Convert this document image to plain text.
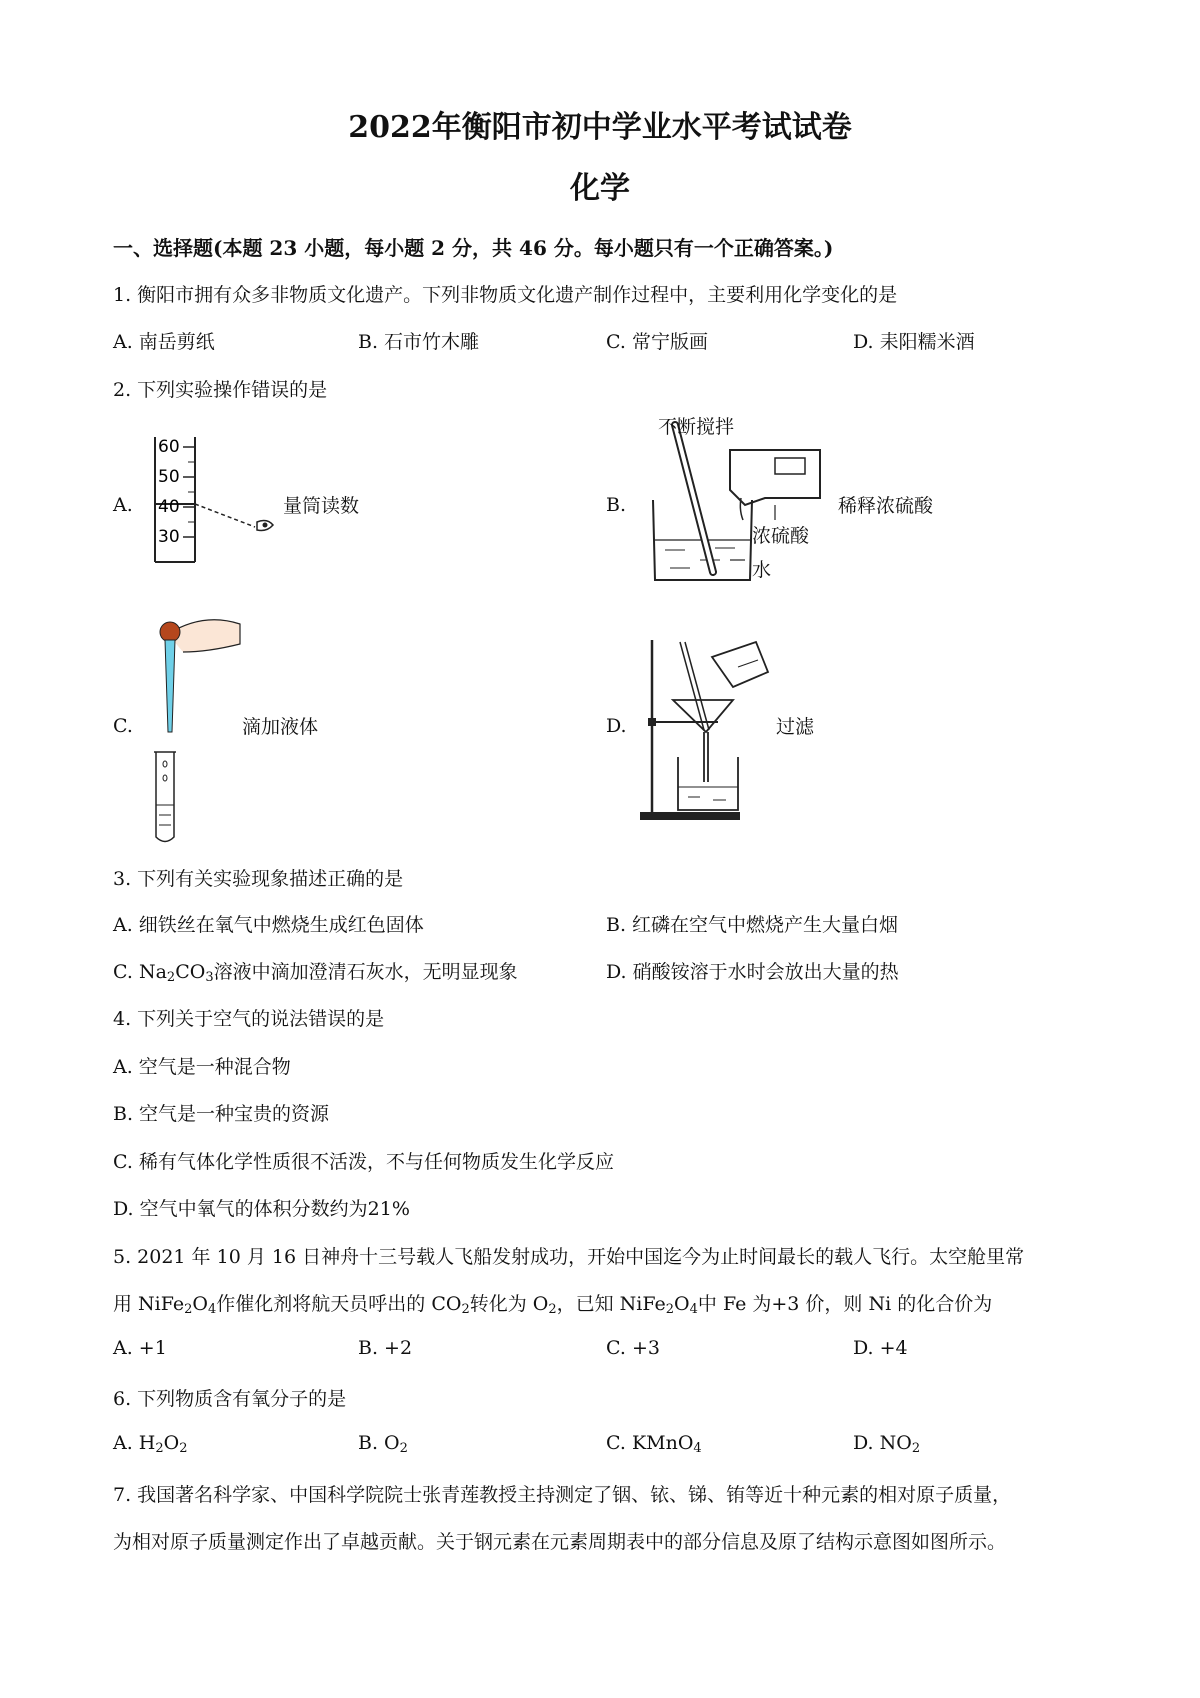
2022年衡阳市初中学业水平考试试卷
化学
一、选择题(本题 23 小题，每小题 2 分，共 46 分。每小题只有一个正确答案。)
1. 衡阳市拥有众多非物质文化遗产。下列非物质文化遗产制作过程中，主要利用化学变化的是
A. 南岳剪纸	B. 石市竹木雕	C. 常宁版画	D. 耒阳糯米酒
2. 下列实验操作错误的是
A.
60
50
40
30
量筒读数	B.
不断搅拌
浓硫酸
水
稀释浓硫酸
C.	滴加液体	D.	过滤
3. 下列有关实验现象描述正确的是
A. 细铁丝在氧气中燃烧生成红色固体	B. 红磷在空气中燃烧产生大量白烟
C. $Na_2CO_3$溶液中滴加澄清石灰水，无明显现象	D. 硝酸铵溶于水时会放出大量的热
4. 下列关于空气的说法错误的是
A. 空气是一种混合物
B. 空气是一种宝贵的资源
C. 稀有气体化学性质很不活泼，不与任何物质发生化学反应
D. 空气中氧气的体积分数约为21%
5. 2021 年 10 月 16 日神舟十三号载人飞船发射成功，开始中国迄今为止时间最长的载人飞行。太空舱里常
用 $NiFe_2O_4$作催化剂将航天员呼出的 $CO_2$转化为 $O_2$，已知 $NiFe_2O_4$中 Fe 为+3 价，则 Ni 的化合价为
A. +1	B. +2	C. +3	D. +4
6. 下列物质含有氧分子的是
A. $H_2O_2$	B. $O_2$	C. KMnO$_4$	D. $NO_2$
7. 我国著名科学家、中国科学院院士张青莲教授主持测定了铟、铱、锑、铕等近十种元素的相对原子质量，
为相对原子质量测定作出了卓越贡献。关于钢元素在元素周期表中的部分信息及原了结构示意图如图所示。
